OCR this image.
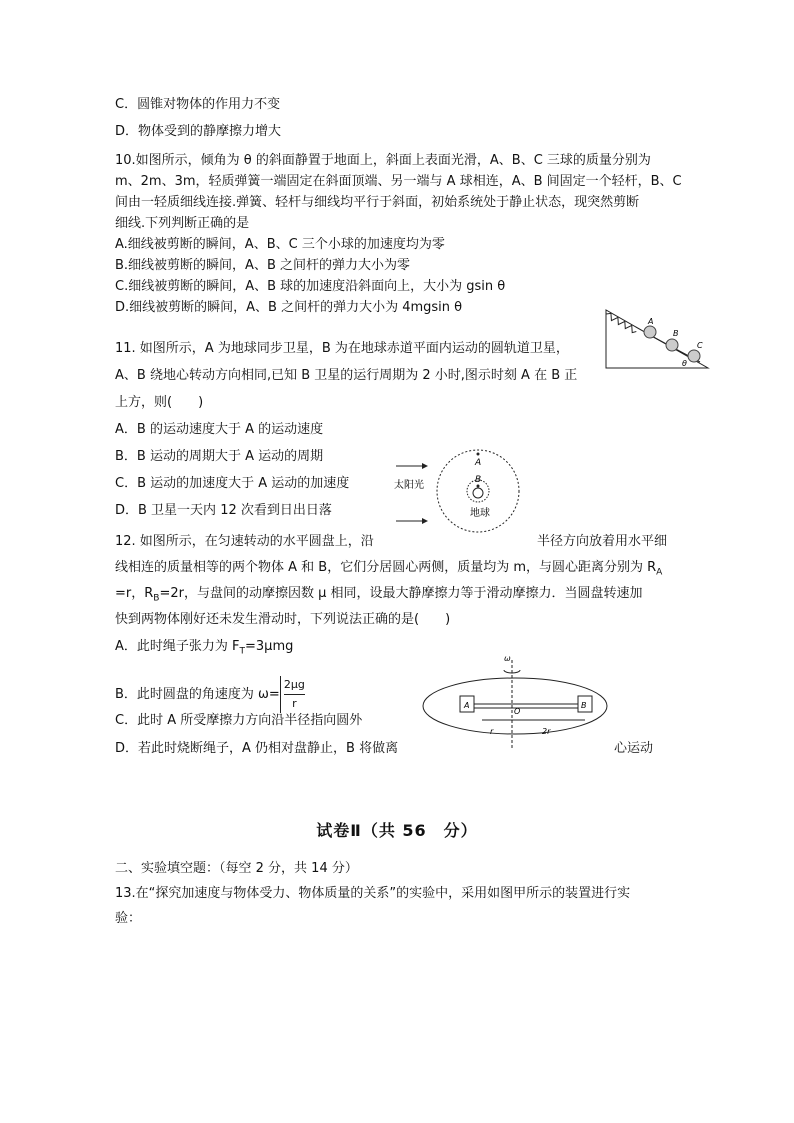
C．圆锥对物体的作用力不变
D．物体受到的静摩擦力增大
10.如图所示，倾角为 θ 的斜面静置于地面上，斜面上表面光滑，A、B、C 三球的质量分别为
m、2m、3m，轻质弹簧一端固定在斜面顶端、另一端与 A 球相连，A、B 间固定一个轻杆，B、C
间由一轻质细线连接.弹簧、轻杆与细线均平行于斜面，初始系统处于静止状态，现突然剪断
细线.下列判断正确的是
A.细线被剪断的瞬间，A、B、C 三个小球的加速度均为零
B.细线被剪断的瞬间，A、B 之间杆的弹力大小为零
C.细线被剪断的瞬间，A、B 球的加速度沿斜面向上，大小为 gsin θ
D.细线被剪断的瞬间，A、B 之间杆的弹力大小为 4mgsin θ
A
B
C
θ
11. 如图所示，A 为地球同步卫星，B 为在地球赤道平面内运动的圆轨道卫星，
A、B 绕地心转动方向相同,已知 B 卫星的运行周期为 2 小时,图示时刻 A 在 B 正
上方，则(　　)
A．B 的运动速度大于 A 的运动速度
B．B 运动的周期大于 A 运动的周期
C．B 运动的加速度大于 A 运动的加速度
D．B 卫星一天内 12 次看到日出日落
太阳光
A
B
地球
12. 如图所示，在匀速转动的水平圆盘上，沿	半径方向放着用水平细
线相连的质量相等的两个物体 A 和 B，它们分居圆心两侧，质量均为 m，与圆心距离分别为 $R_A$
=r，$R_B=2r$，与盘间的动摩擦因数 μ 相同，设最大静摩擦力等于滑动摩擦力．当圆盘转速加
快到两物体刚好还未发生滑动时，下列说法正确的是(　　)
A．此时绳子张力为 $F_T=3\mu mg$
B．此时圆盘的角速度为 $\omega= \frac{2\mu g}{r}$
C．此时 A 所受摩擦力方向沿半径指向圆外
D．若此时烧断绳子，A 仍相对盘静止，B 将做离	心运动
ω
A	B
O
r	2r
试卷Ⅱ（共 56　分）
二、实验填空题：（每空 2 分，共 14 分）
13.在“探究加速度与物体受力、物体质量的关系”的实验中，采用如图甲所示的装置进行实
验：
